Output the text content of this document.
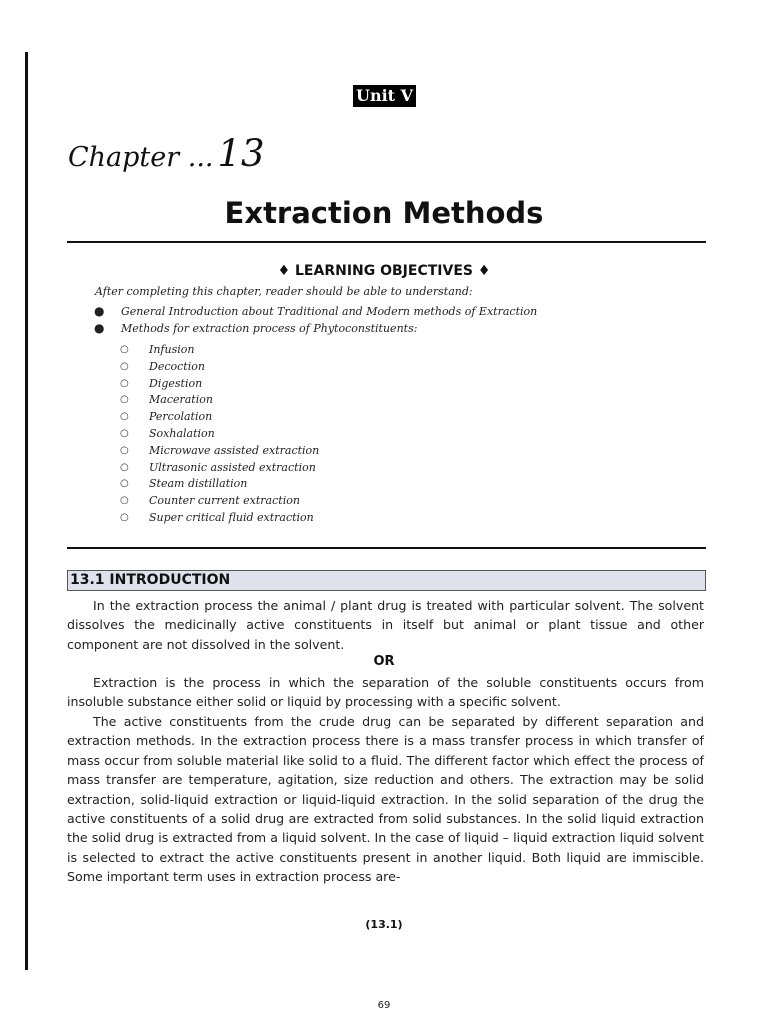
Unit V
Chapter ... 13
Extraction Methods
♦ LEARNING OBJECTIVES ♦
After completing this chapter, reader should be able to understand:
● General Introduction about Traditional and Modern methods of Extraction
● Methods for extraction process of Phytoconstituents:
○ Infusion
○ Decoction
○ Digestion
○ Maceration
○ Percolation
○ Soxhalation
○ Microwave assisted extraction
○ Ultrasonic assisted extraction
○ Steam distillation
○ Counter current extraction
○ Super critical fluid extraction
13.1 INTRODUCTION

In the extraction process the animal / plant drug is treated with particular solvent. The solvent dissolves the medicinally active constituents in itself but animal or plant tissue and other component are not dissolved in the solvent.

OR

Extraction is the process in which the separation of the soluble constituents occurs from insoluble substance either solid or liquid by processing with a specific solvent.

The active constituents from the crude drug can be separated by different separation and extraction methods. In the extraction process there is a mass transfer process in which transfer of mass occur from soluble material like solid to a fluid. The different factor which effect the process of mass transfer are temperature, agitation, size reduction and others. The extraction may be solid extraction, solid-liquid extraction or liquid-liquid extraction. In the solid separation of the drug the active constituents of a solid drug are extracted from solid substances. In the solid liquid extraction the solid drug is extracted from a liquid solvent. In the case of liquid – liquid extraction liquid solvent is selected to extract the active constituents present in another liquid. Both liquid are immiscible. Some important term uses in extraction process are-

(13.1)
69
